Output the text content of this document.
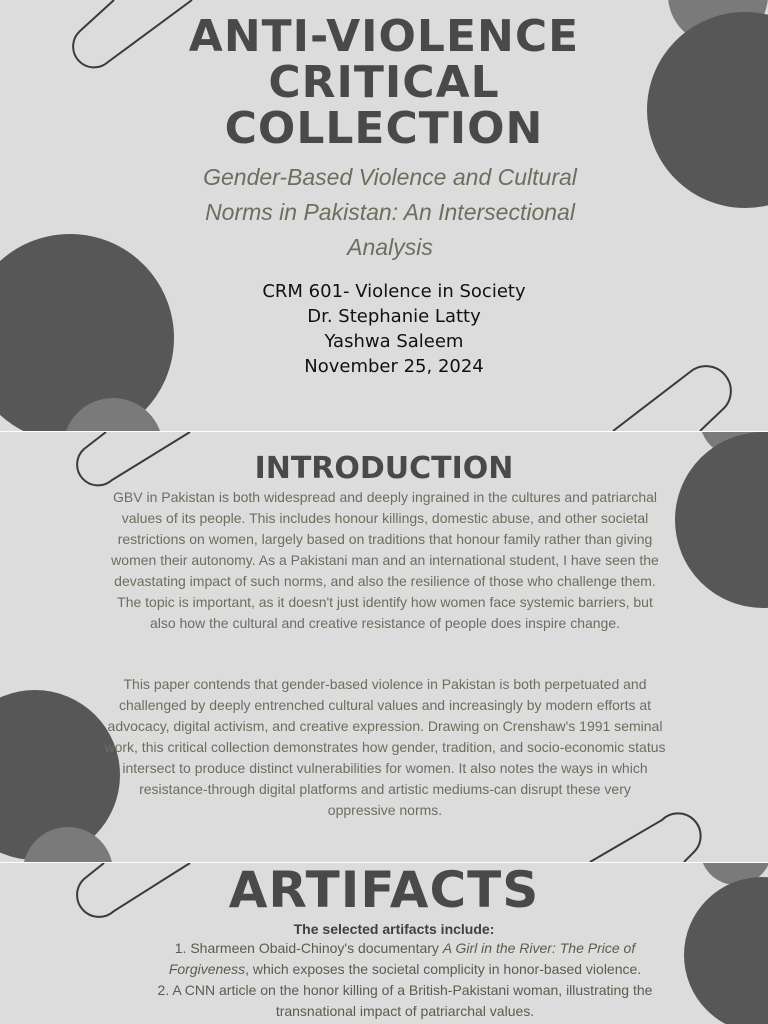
ANTI-VIOLENCE
CRITICAL
COLLECTION
Gender-Based Violence and Cultural Norms in Pakistan: An Intersectional Analysis
CRM 601- Violence in Society
Dr. Stephanie Latty
Yashwa Saleem
November 25, 2024
INTRODUCTION

GBV in Pakistan is both widespread and deeply ingrained in the cultures and patriarchal values of its people. This includes honour killings, domestic abuse, and other societal restrictions on women, largely based on traditions that honour family rather than giving women their autonomy. As a Pakistani man and an international student, I have seen the devastating impact of such norms, and also the resilience of those who challenge them. The topic is important, as it doesn't just identify how women face systemic barriers, but also how the cultural and creative resistance of people does inspire change.

This paper contends that gender-based violence in Pakistan is both perpetuated and challenged by deeply entrenched cultural values and increasingly by modern efforts at advocacy, digital activism, and creative expression. Drawing on Crenshaw's 1991 seminal work, this critical collection demonstrates how gender, tradition, and socio-economic status intersect to produce distinct vulnerabilities for women. It also notes the ways in which resistance-through digital platforms and artistic mediums-can disrupt these very oppressive norms.

ARTIFACTS
The selected artifacts include:
1. Sharmeen Obaid-Chinoy's documentary A Girl in the River: The Price of Forgiveness, which exposes the societal complicity in honor-based violence.
2. A CNN article on the honor killing of a British-Pakistani woman, illustrating the transnational impact of patriarchal values.
